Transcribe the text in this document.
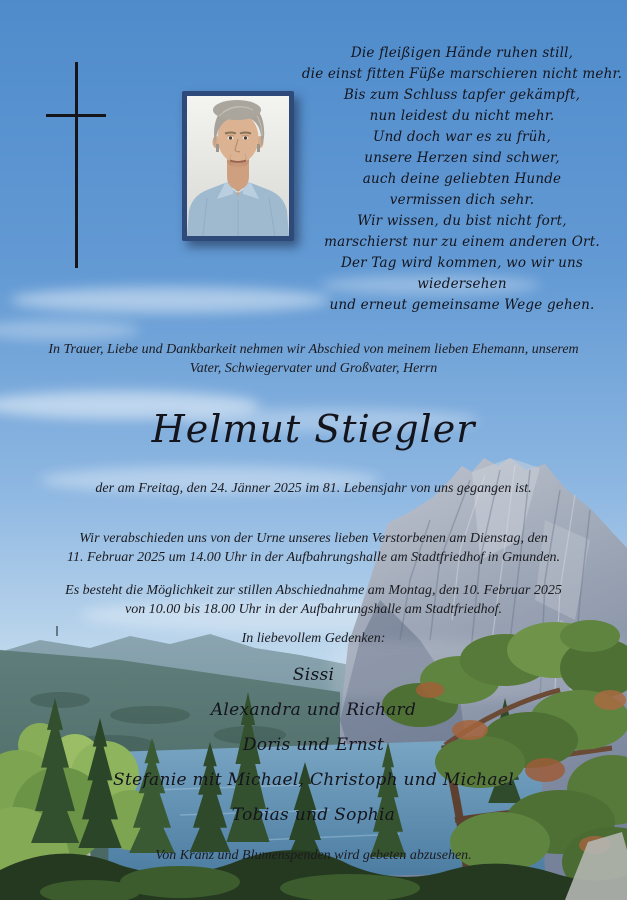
Die fleißigen Hände ruhen still,
die einst fitten Füße marschieren nicht mehr.
Bis zum Schluss tapfer gekämpft,
nun leidest du nicht mehr.
Und doch war es zu früh,
unsere Herzen sind schwer,
auch deine geliebten Hunde
vermissen dich sehr.
Wir wissen, du bist nicht fort,
marschierst nur zu einem anderen Ort.
Der Tag wird kommen, wo wir uns wiedersehen
und erneut gemeinsame Wege gehen.
In Trauer, Liebe und Dankbarkeit nehmen wir Abschied von meinem lieben Ehemann, unserem
Vater, Schwiegervater und Großvater, Herrn
Helmut Stiegler
der am Freitag, den 24. Jänner 2025 im 81. Lebensjahr von uns gegangen ist.
Wir verabschieden uns von der Urne unseres lieben Verstorbenen am Dienstag, den
11. Februar 2025 um 14.00 Uhr in der Aufbahrungshalle am Stadtfriedhof in Gmunden.
Es besteht die Möglichkeit zur stillen Abschiednahme am Montag, den 10. Februar 2025
von 10.00 bis 18.00 Uhr in der Aufbahrungshalle am Stadtfriedhof.
In liebevollem Gedenken:
Sissi
Alexandra und Richard
Doris und Ernst
Stefanie mit Michael, Christoph und Michael
Tobias und Sophia
Von Kranz und Blumenspenden wird gebeten abzusehen.
